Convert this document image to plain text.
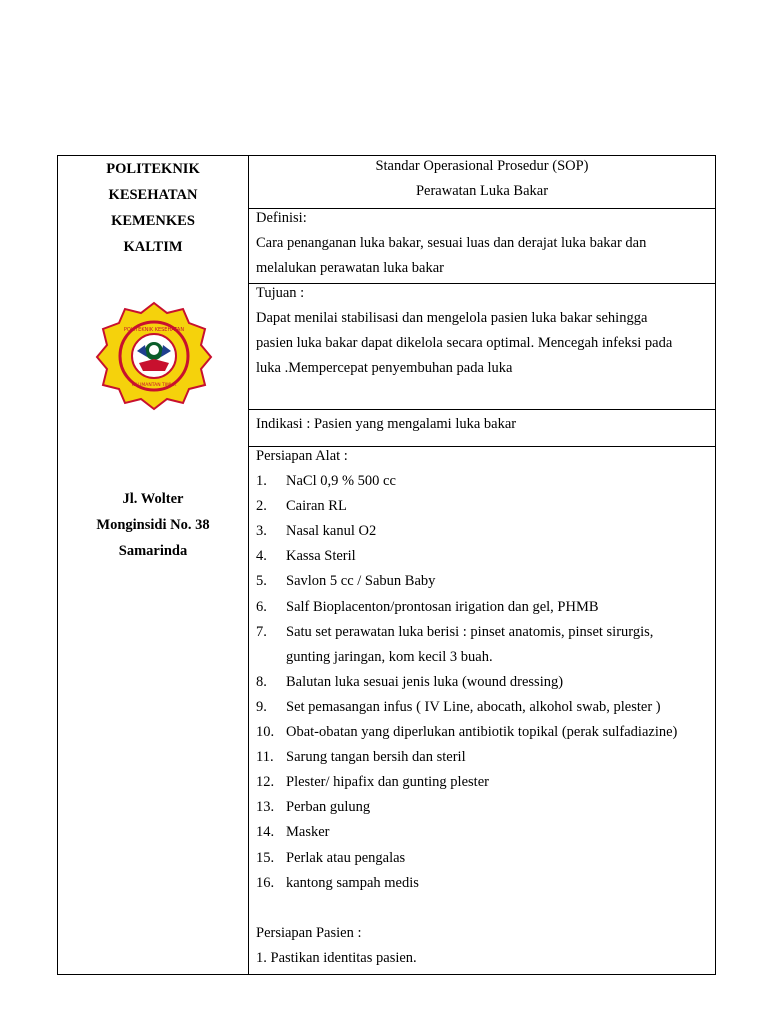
POLITEKNIK
KESEHATAN
KEMENKES
KALTIM
POLITEKNIK KESEHATAN
KALIMANTAN TIMUR
Jl. Wolter
Monginsidi No. 38
Samarinda
Standar Operasional Prosedur (SOP)
Perawatan Luka Bakar
Definisi:
Cara penanganan luka bakar, sesuai luas dan derajat luka bakar dan
melalukan perawatan luka bakar
Tujuan :
Dapat menilai stabilisasi dan mengelola pasien luka bakar sehingga
pasien luka bakar dapat dikelola secara optimal. Mencegah infeksi pada
luka .Mempercepat penyembuhan pada luka
Indikasi : Pasien yang mengalami luka bakar
Persiapan Alat :
1. NaCl 0,9 % 500 cc
2. Cairan RL
3. Nasal kanul O2
4. Kassa Steril
5. Savlon 5 cc / Sabun Baby
6. Salf Bioplacenton/prontosan irigation dan gel, PHMB
7. Satu set perawatan luka berisi : pinset anatomis, pinset sirurgis,
gunting jaringan, kom kecil 3 buah.
8. Balutan luka sesuai jenis luka (wound dressing)
9. Set pemasangan infus ( IV Line, abocath, alkohol swab, plester )
10. Obat-obatan yang diperlukan antibiotik topikal (perak sulfadiazine)
11. Sarung tangan bersih dan steril
12. Plester/ hipafix dan gunting plester
13. Perban gulung
14. Masker
15. Perlak atau pengalas
16. kantong sampah medis
Persiapan Pasien :
1. Pastikan identitas pasien.
